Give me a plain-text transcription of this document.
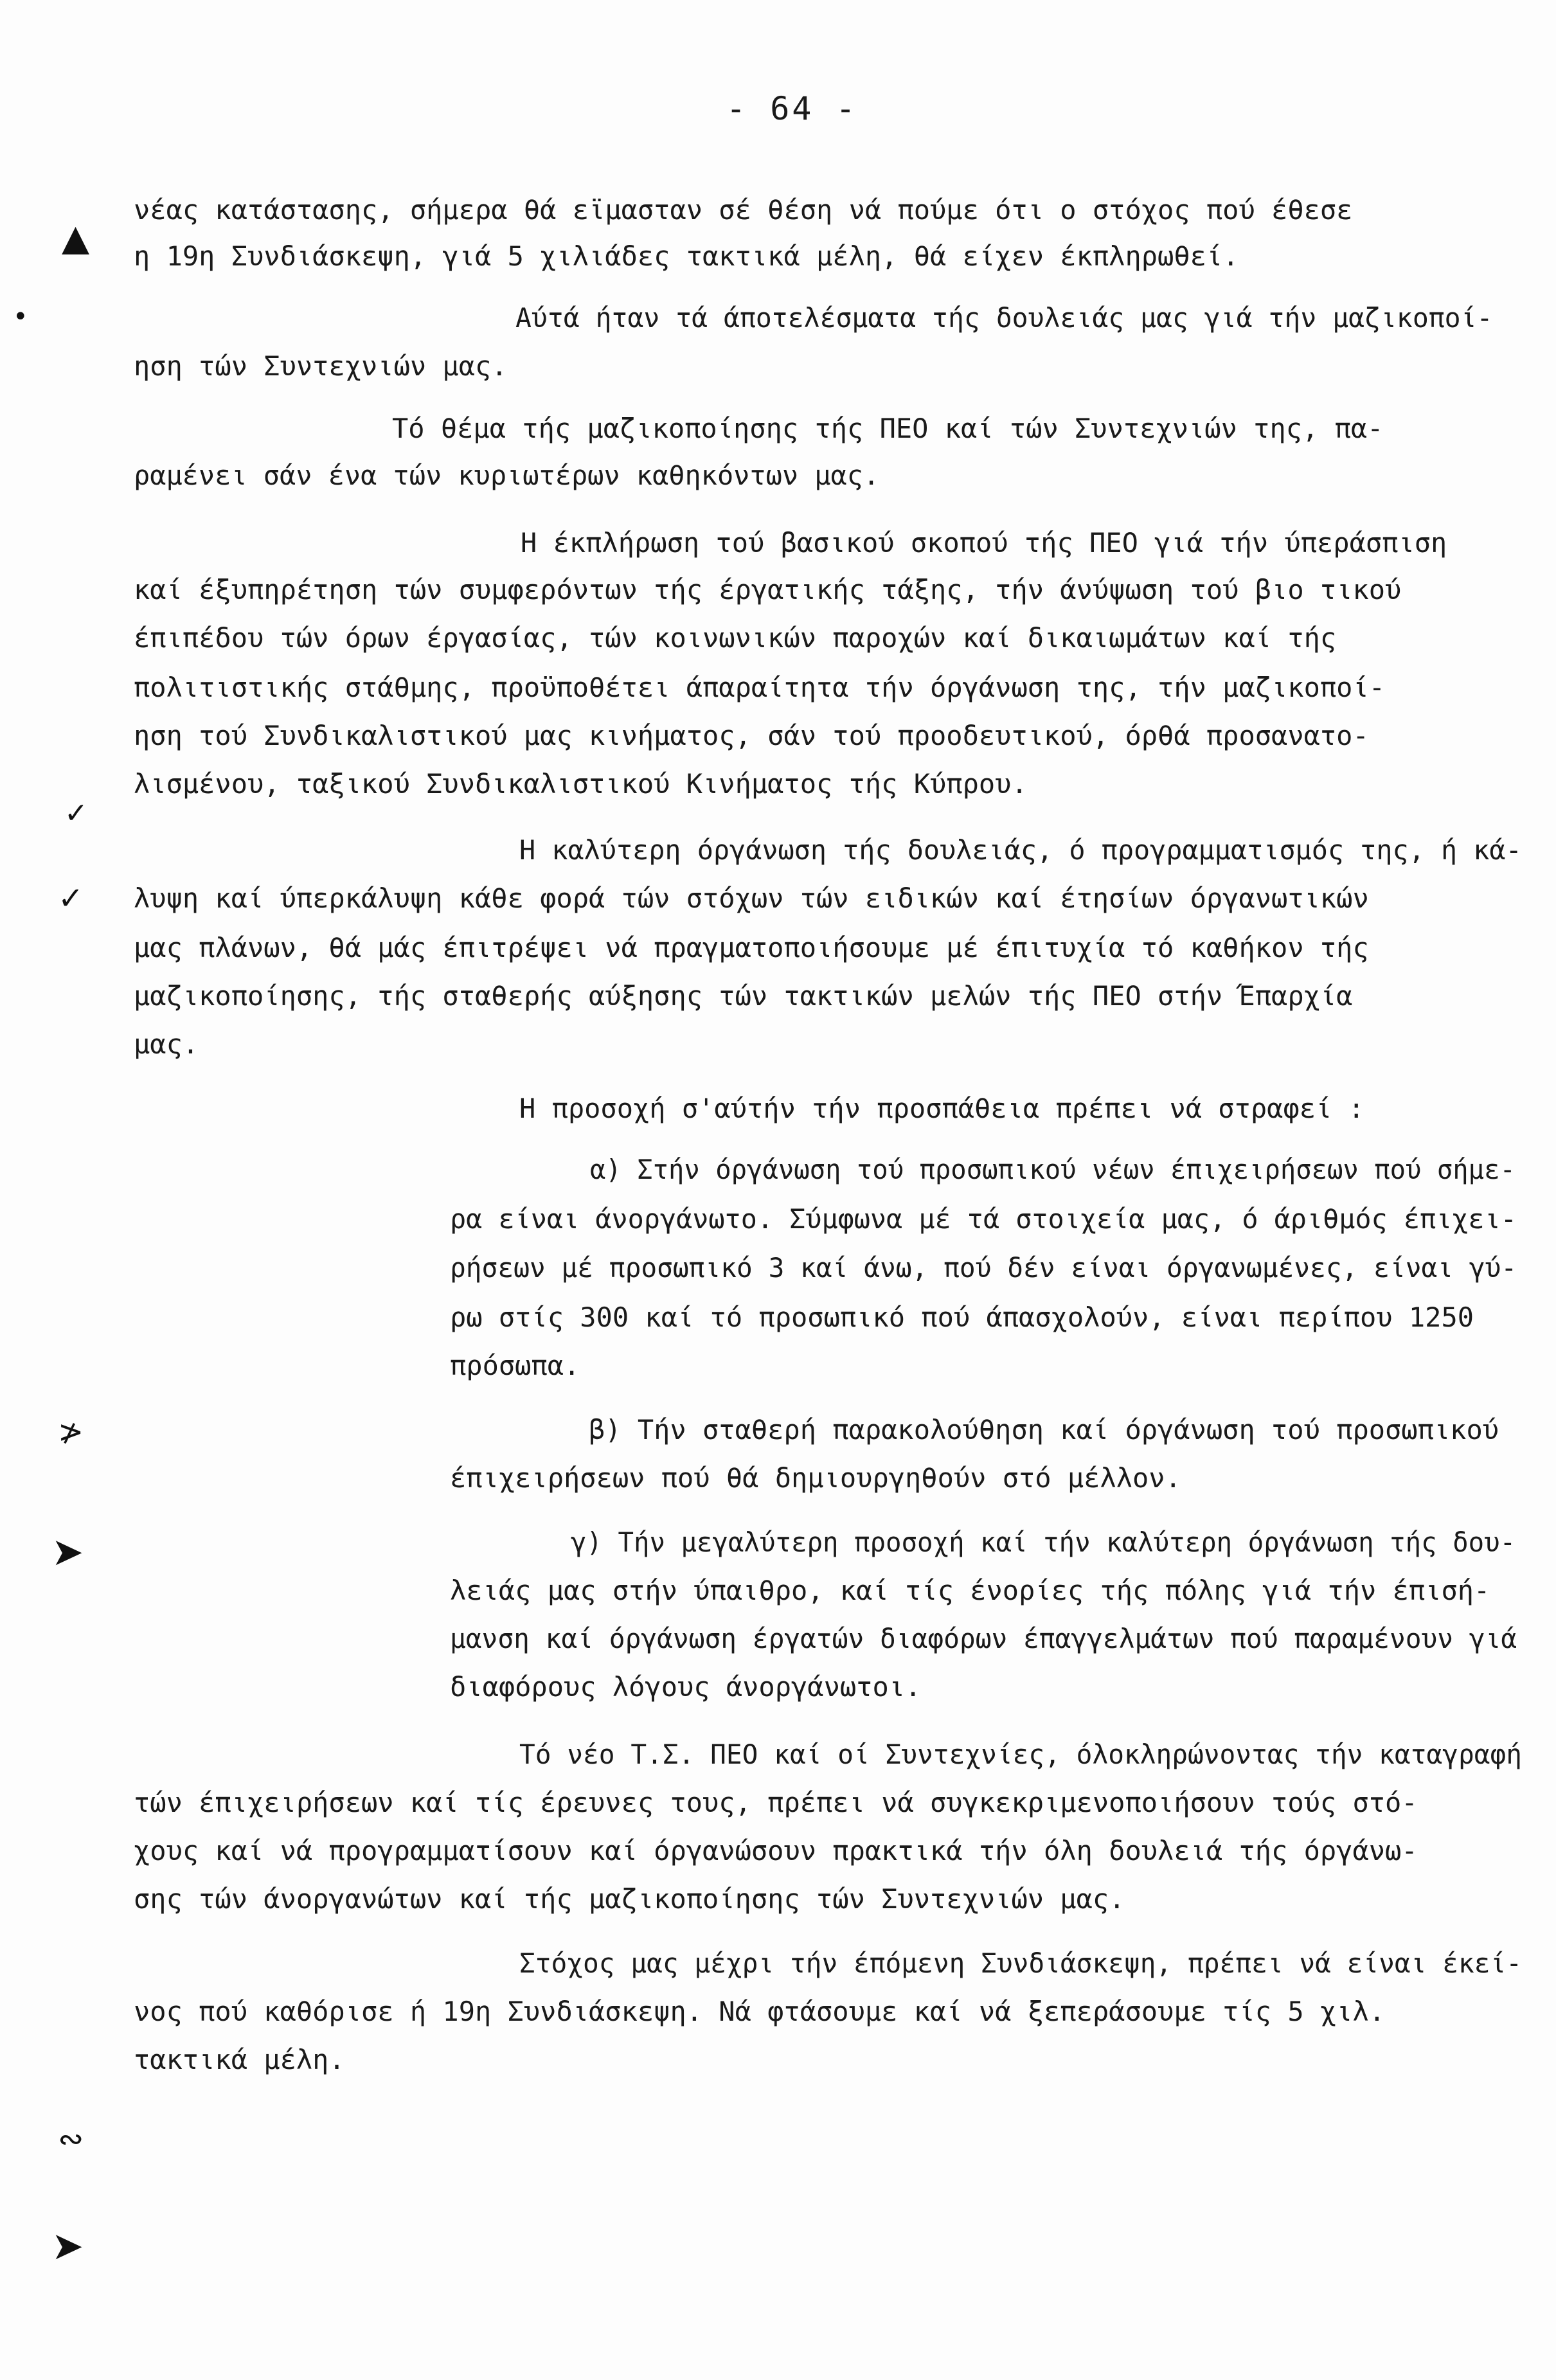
- 64 -
νέας κατάστασης, σήμερα θά εϊμασταν σέ θέση νά πούμε ότι ο στόχος πού έθεσε
η 19η Συνδιάσκεψη, γιά 5 χιλιάδες τακτικά μέλη, θά είχεν έκπληρωθεί.
Αύτά ήταν τά άποτελέσματα τής δουλειάς μας γιά τήν μαζικοποί-
ηση τών Συντεχνιών μας.
Τό θέμα τής μαζικοποίησης τής ΠΕΟ καί τών Συντεχνιών της, πα-
ραμένει σάν ένα τών κυριωτέρων καθηκόντων μας.
Η έκπλήρωση τού βασικού σκοπού τής ΠΕΟ γιά τήν ύπεράσπιση
καί έξυπηρέτηση τών συμφερόντων τής έργατικής τάξης, τήν άνύψωση τού βιο τικού
έπιπέδου τών όρων έργασίας, τών κοινωνικών παροχών καί δικαιωμάτων καί τής
πολιτιστικής στάθμης, προϋποθέτει άπαραίτητα τήν όργάνωση της, τήν μαζικοποί-
ηση τού Συνδικαλιστικού μας κινήματος, σάν τού προοδευτικού, όρθά προσανατο-
λισμένου, ταξικού Συνδικαλιστικού Κινήματος τής Κύπρου.
Η καλύτερη όργάνωση τής δουλειάς, ό προγραμματισμός της, ή κά-
λυψη καί ύπερκάλυψη κάθε φορά τών στόχων τών ειδικών καί έτησίων όργανωτικών
μας πλάνων, θά μάς έπιτρέψει νά πραγματοποιήσουμε μέ έπιτυχία τό καθήκον τής
μαζικοποίησης, τής σταθερής αύξησης τών τακτικών μελών τής ΠΕΟ στήν Έπαρχία
μας.
Η προσοχή σ'αύτήν τήν προσπάθεια πρέπει νά στραφεί :
α) Στήν όργάνωση τού προσωπικού νέων έπιχειρήσεων πού σήμε-
ρα είναι άνοργάνωτο. Σύμφωνα μέ τά στοιχεία μας, ό άριθμός έπιχει-
ρήσεων μέ προσωπικό 3 καί άνω, πού δέν είναι όργανωμένες, είναι γύ-
ρω στίς 300 καί τό προσωπικό πού άπασχολούν, είναι περίπου 1250
πρόσωπα.
β) Τήν σταθερή παρακολούθηση καί όργάνωση τού προσωπικού
έπιχειρήσεων πού θά δημιουργηθούν στό μέλλον.
γ) Τήν μεγαλύτερη προσοχή καί τήν καλύτερη όργάνωση τής δου-
λειάς μας στήν ύπαιθρο, καί τίς ένορίες τής πόλης γιά τήν έπισή-
μανση καί όργάνωση έργατών διαφόρων έπαγγελμάτων πού παραμένουν γιά
διαφόρους λόγους άνοργάνωτοι.
Τό νέο Τ.Σ. ΠΕΟ καί οί Συντεχνίες, όλοκληρώνοντας τήν καταγραφή
τών έπιχειρήσεων καί τίς έρευνες τους, πρέπει νά συγκεκριμενοποιήσουν τούς στό-
χους καί νά προγραμματίσουν καί όργανώσουν πρακτικά τήν όλη δουλειά τής όργάνω-
σης τών άνοργανώτων καί τής μαζικοποίησης τών Συντεχνιών μας.
Στόχος μας μέχρι τήν έπόμενη Συνδιάσκεψη, πρέπει νά είναι έκεί-
νος πού καθόρισε ή 19η Συνδιάσκεψη. Νά φτάσουμε καί νά ξεπεράσουμε τίς 5 χιλ.
τακτικά μέλη.
▲
•
✓
✓
≯
➤
∾
➤
